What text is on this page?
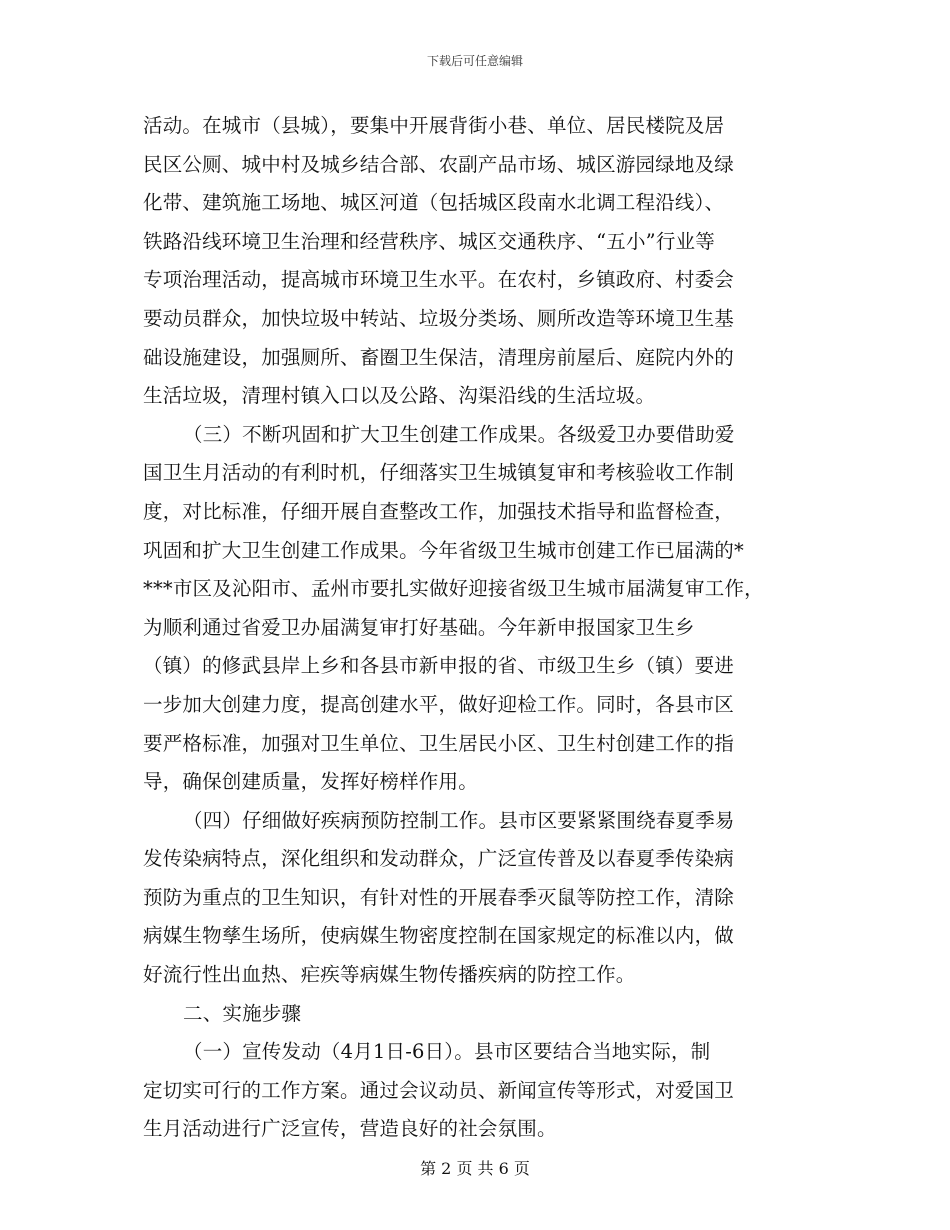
下载后可任意编辑
活动。在城市（县城），要集中开展背街小巷、单位、居民楼院及居
民区公厕、城中村及城乡结合部、农副产品市场、城区游园绿地及绿
化带、建筑施工场地、城区河道（包括城区段南水北调工程沿线）、
铁路沿线环境卫生治理和经营秩序、城区交通秩序、“五小”行业等
专项治理活动，提高城市环境卫生水平。在农村，乡镇政府、村委会
要动员群众，加快垃圾中转站、垃圾分类场、厕所改造等环境卫生基
础设施建设，加强厕所、畜圈卫生保洁，清理房前屋后、庭院内外的
生活垃圾，清理村镇入口以及公路、沟渠沿线的生活垃圾。
（三）不断巩固和扩大卫生创建工作成果。各级爱卫办要借助爱
国卫生月活动的有利时机，仔细落实卫生城镇复审和考核验收工作制
度，对比标准，仔细开展自查整改工作，加强技术指导和监督检查，
巩固和扩大卫生创建工作成果。今年省级卫生城市创建工作已届满的*
***市区及沁阳市、孟州市要扎实做好迎接省级卫生城市届满复审工作，
为顺利通过省爱卫办届满复审打好基础。今年新申报国家卫生乡
（镇）的修武县岸上乡和各县市新申报的省、市级卫生乡（镇）要进
一步加大创建力度，提高创建水平，做好迎检工作。同时，各县市区
要严格标准，加强对卫生单位、卫生居民小区、卫生村创建工作的指
导，确保创建质量，发挥好榜样作用。
（四）仔细做好疾病预防控制工作。县市区要紧紧围绕春夏季易
发传染病特点，深化组织和发动群众，广泛宣传普及以春夏季传染病
预防为重点的卫生知识，有针对性的开展春季灭鼠等防控工作，清除
病媒生物孳生场所，使病媒生物密度控制在国家规定的标准以内，做
好流行性出血热、疟疾等病媒生物传播疾病的防控工作。
二、实施步骤
（一）宣传发动（4月1日-6日）。县市区要结合当地实际，制
定切实可行的工作方案。通过会议动员、新闻宣传等形式，对爱国卫
生月活动进行广泛宣传，营造良好的社会氛围。
第 2 页 共 6 页
